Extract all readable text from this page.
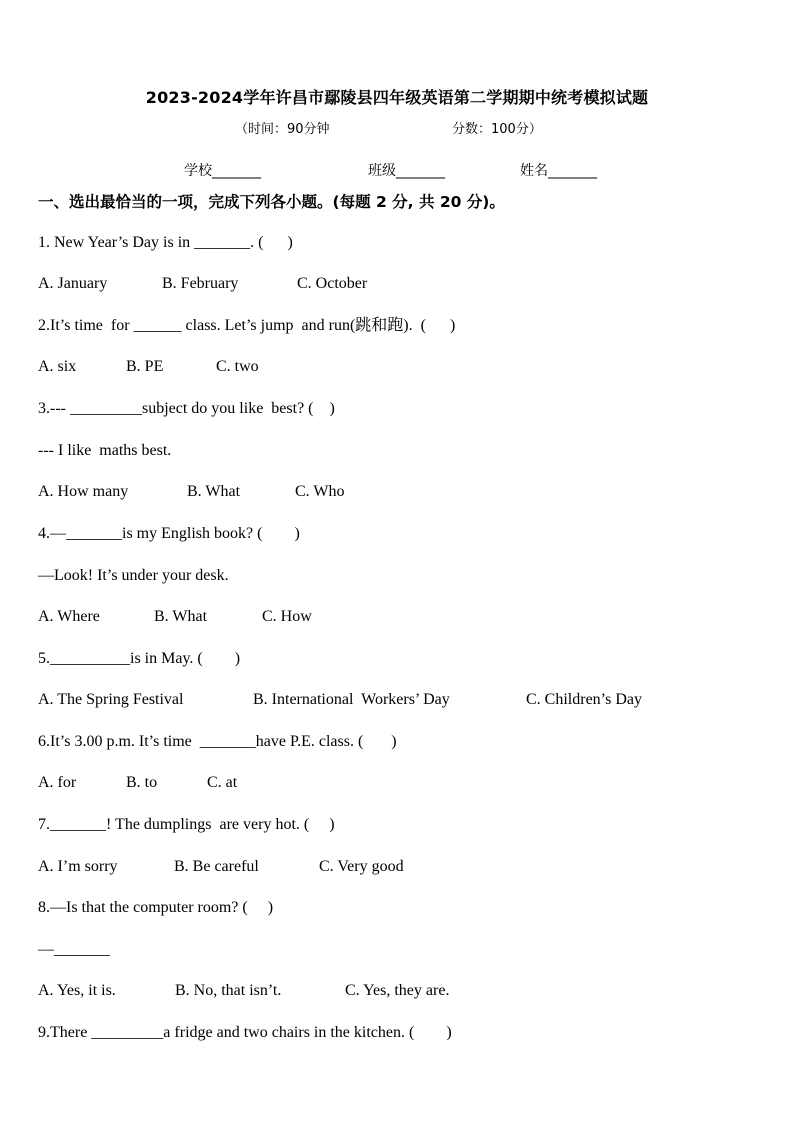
2023-2024学年许昌市鄢陵县四年级英语第二学期期中统考模拟试题
（时间：90分钟	分数：100分）
学校_______	班级_______	姓名_______
一、选出最恰当的一项，完成下列各小题。(每题 2 分, 共 20 分)。
1. New Year’s Day is in _______. (      )
A. January	B. February	C. October
2.It’s time  for ______ class. Let’s jump  and run(跳和跑).  (      )
A. six	B. PE	C. two
3.--- _________subject do you like  best? (    )
--- I like  maths best.
A. How many	B. What	C. Who
4.—_______is my English book? (        )
—Look! It’s under your desk.
A. Where	B. What	C. How
5.__________is in May. (        )
A. The Spring Festival	B. International  Workers’ Day	C. Children’s Day
6.It’s 3.00 p.m. It’s time  _______have P.E. class. (       )
A. for	B. to	C. at
7._______! The dumplings  are very hot. (     )
A. I’m sorry	B. Be careful	C. Very good
8.—Is that the computer room? (     )
—_______
A. Yes, it is.	B. No, that isn’t.	C. Yes, they are.
9.There _________a fridge and two chairs in the kitchen. (        )
